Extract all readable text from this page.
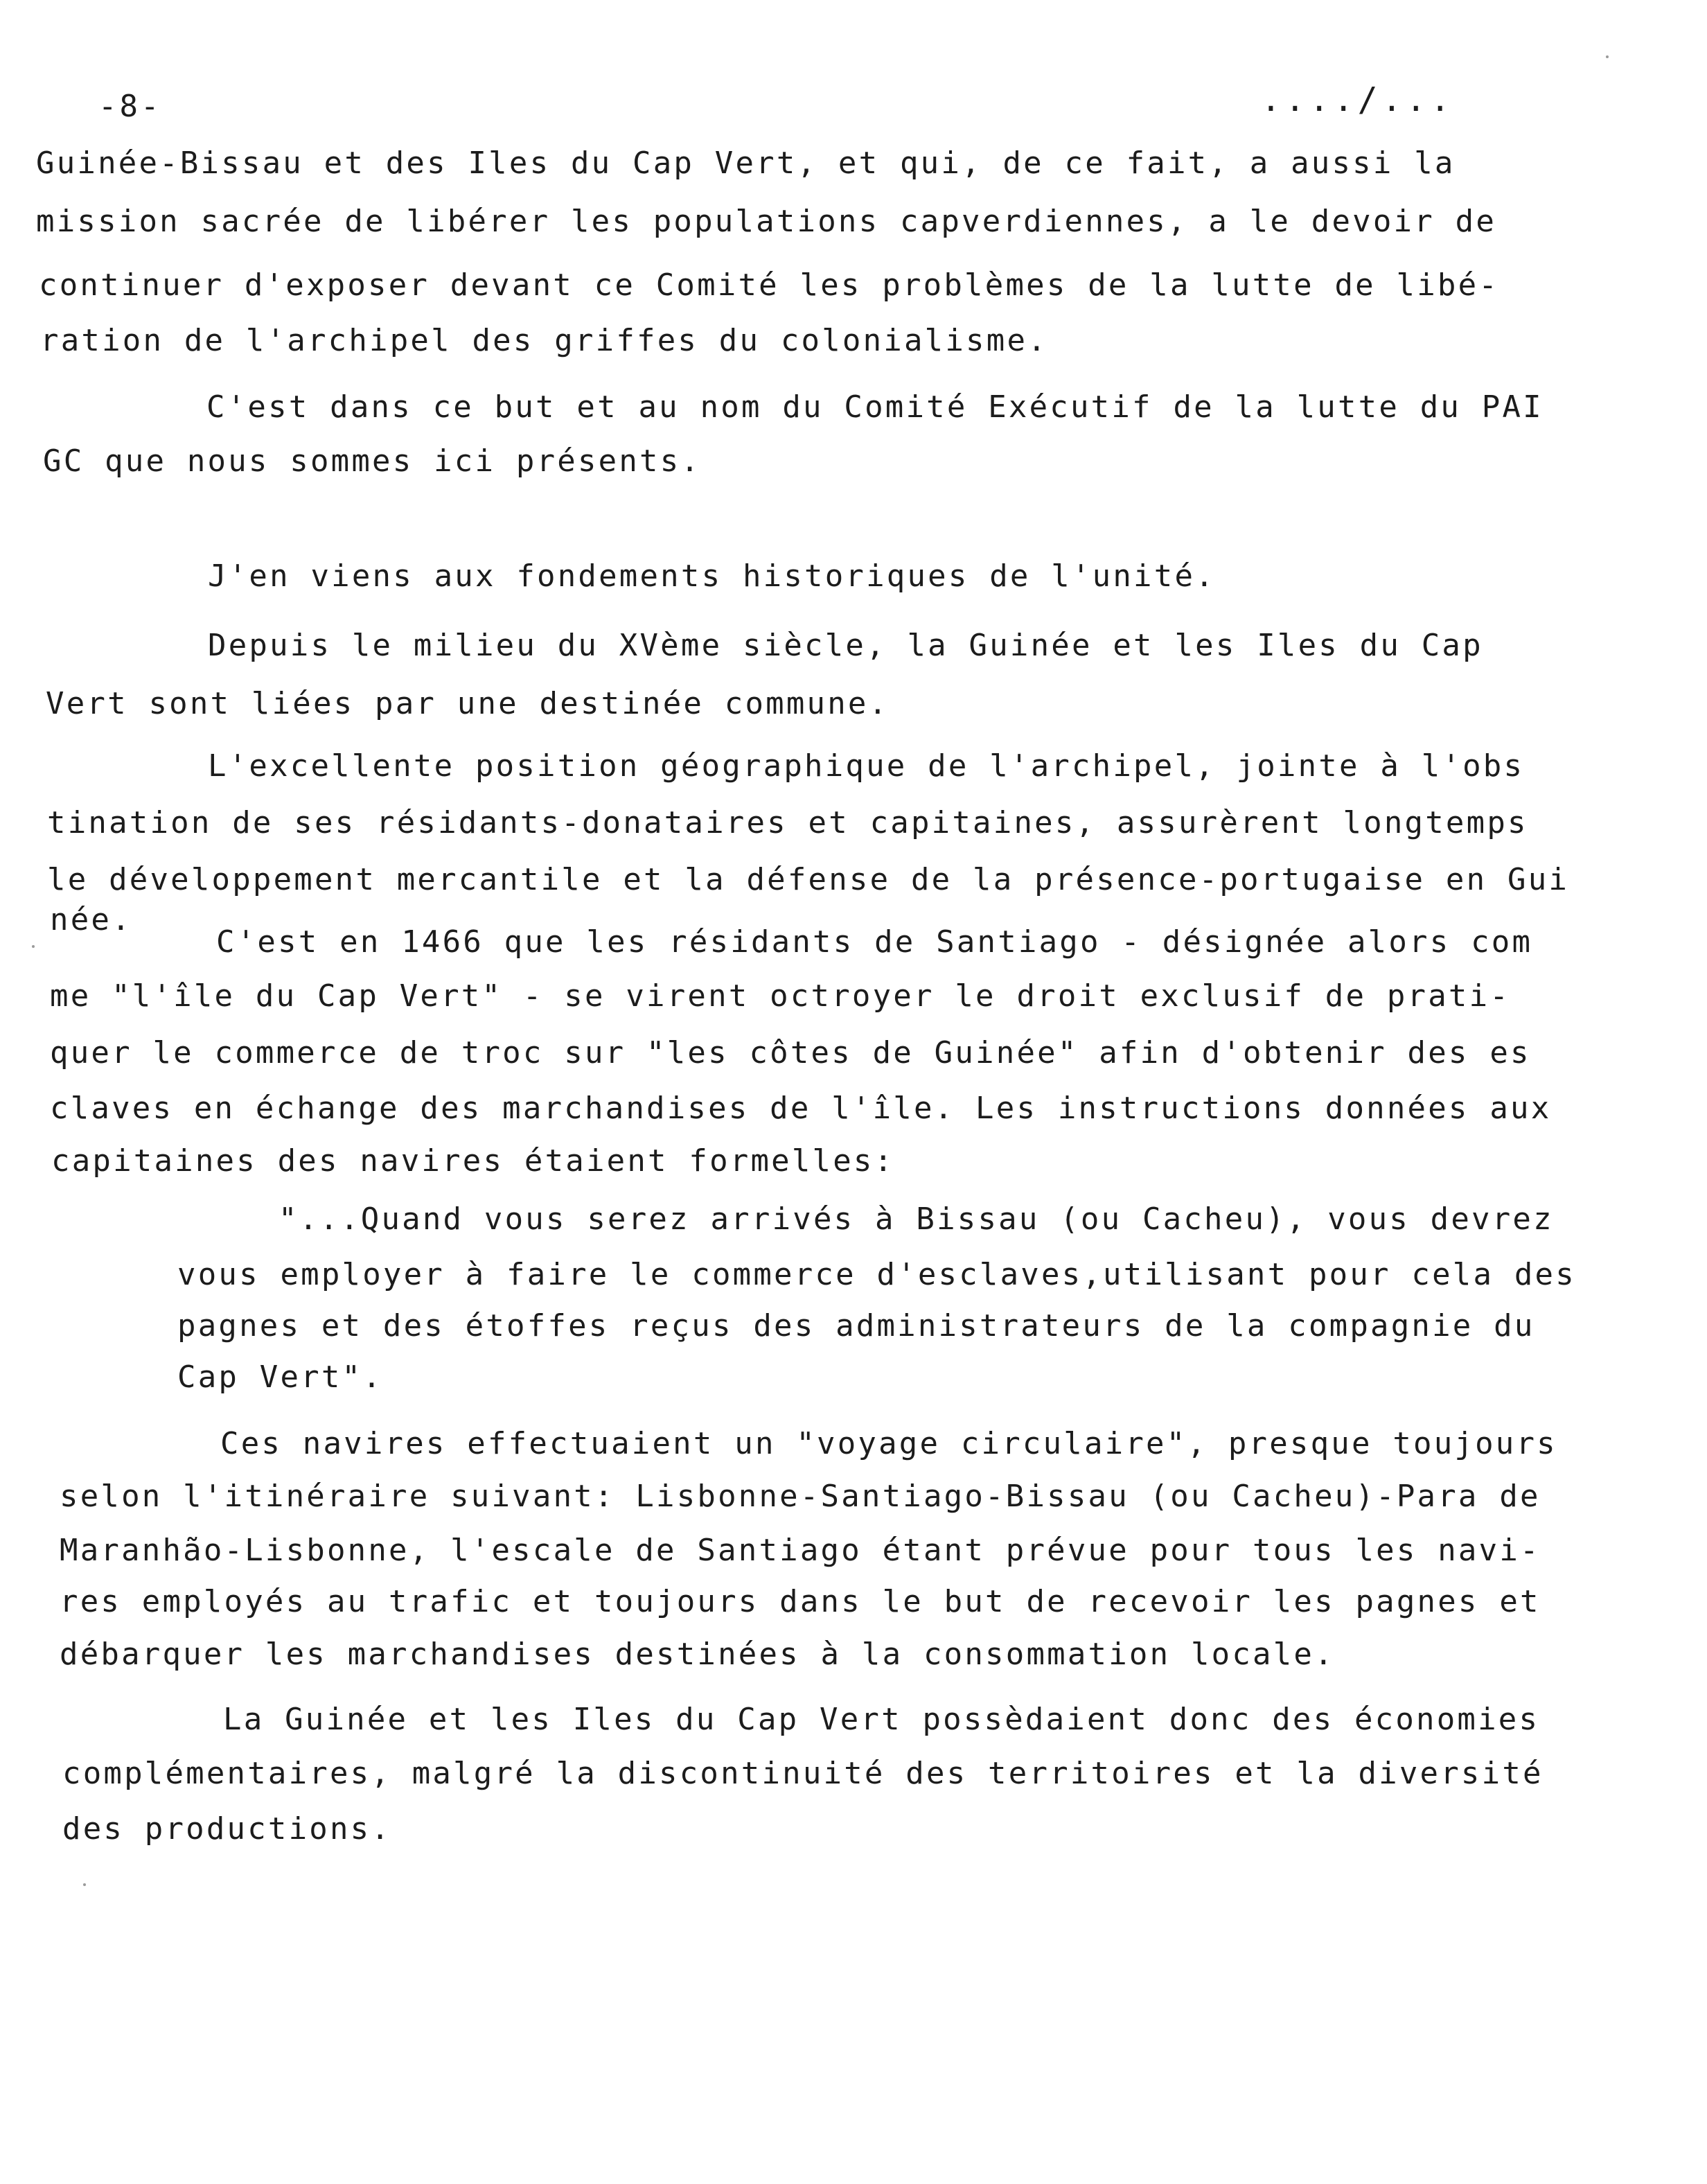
-8-	..../...
Guinée-Bissau et des Iles du Cap Vert, et qui, de ce fait, a aussi la
mission sacrée de libérer les populations capverdiennes, a le devoir de
continuer d'exposer devant ce Comité les problèmes de la lutte de libé-
ration de l'archipel des griffes du colonialisme.
C'est dans ce but et au nom du Comité Exécutif de la lutte du PAI
GC que nous sommes ici présents.
J'en viens aux fondements historiques de l'unité.
Depuis le milieu du XVème siècle, la Guinée et les Iles du Cap
Vert sont liées par une destinée commune.
L'excellente position géographique de l'archipel, jointe à l'obs
tination de ses résidants-donataires et capitaines, assurèrent longtemps
le développement mercantile et la défense de la présence-portugaise en Gui
née.
C'est en 1466 que les résidants de Santiago - désignée alors com
me "l'île du Cap Vert" - se virent octroyer le droit exclusif de prati-
quer le commerce de troc sur "les côtes de Guinée" afin d'obtenir des es
claves en échange des marchandises de l'île. Les instructions données aux
capitaines des navires étaient formelles:
"...Quand vous serez arrivés à Bissau (ou Cacheu), vous devrez
vous employer à faire le commerce d'esclaves,utilisant pour cela des
pagnes et des étoffes reçus des administrateurs de la compagnie du
Cap Vert".
Ces navires effectuaient un "voyage circulaire", presque toujours
selon l'itinéraire suivant: Lisbonne-Santiago-Bissau (ou Cacheu)-Para de
Maranhão-Lisbonne, l'escale de Santiago étant prévue pour tous les navi-
res employés au trafic et toujours dans le but de recevoir les pagnes et
débarquer les marchandises destinées à la consommation locale.
La Guinée et les Iles du Cap Vert possèdaient donc des économies
complémentaires, malgré la discontinuité des territoires et la diversité
des productions.
